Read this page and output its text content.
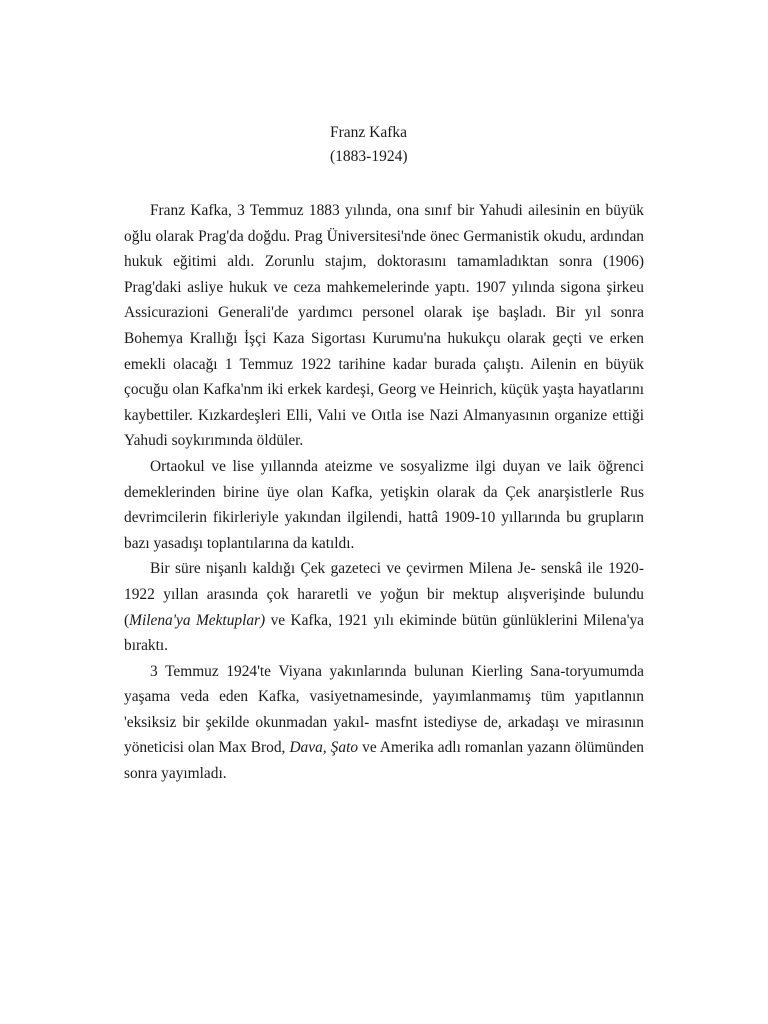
Franz Kafka
(1883-1924)

Franz Kafka, 3 Temmuz 1883 yılında, ona sınıf bir Yahudi ailesinin en büyük oğlu olarak Prag'da doğdu. Prag Üniversitesi'nde önec Germanistik okudu, ardından hukuk eğitimi aldı. Zorunlu stajım, doktorasını tamamladıktan sonra (1906) Prag'daki asliye hukuk ve ceza mahkemelerinde yaptı. 1907 yılında sigona şirkeu Assicurazioni Generali'de yardımcı personel olarak işe başladı. Bir yıl sonra Bohemya Krallığı İşçi Kaza Sigortası Kurumu'na hukukçu olarak geçti ve erken emekli olacağı 1 Temmuz 1922 tarihine kadar burada çalıştı. Ailenin en büyük çocuğu olan Kafka'nm iki erkek kardeşi, Georg ve Heinrich, küçük yaşta hayatlarını kaybettiler. Kızkardeşleri Elli, Valıi ve Oıtla ise Nazi Almanyasının organize ettiği Yahudi soykırımında öldüler.

Ortaokul ve lise yıllannda ateizme ve sosyalizme ilgi duyan ve laik öğrenci demeklerinden birine üye olan Kafka, yetişkin olarak da Çek anarşistlerle Rus devrimcilerin fikirleriyle yakından ilgilendi, hattâ 1909-10 yıllarında bu grupların bazı yasadışı toplantılarına da katıldı.

Bir süre nişanlı kaldığı Çek gazeteci ve çevirmen Milena Je- senskâ ile 1920-1922 yıllan arasında çok hararetli ve yoğun bir mektup alışverişinde bulundu (Milena'ya Mektuplar) ve Kafka, 1921 yılı ekiminde bütün günlüklerini Milena'ya bıraktı.

3 Temmuz 1924'te Viyana yakınlarında bulunan Kierling Sana-toryumumda yaşama veda eden Kafka, vasiyetnamesinde, yayımlanmamış tüm yapıtlannın 'eksiksiz bir şekilde okunmadan yakıl- masfnt istediyse de, arkadaşı ve mirasının yöneticisi olan Max Brod, Dava, Şato ve Amerika adlı romanlan yazann ölümünden sonra yayımladı.
